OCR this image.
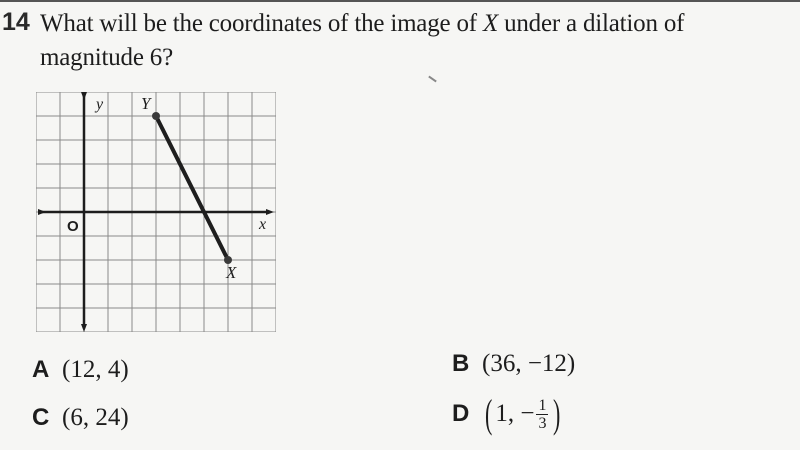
14 What will be the coordinates of the image of X under a dilation of
magnitude 6?
y
x
O
Y
X
A (12, 4)
C (6, 24)
B (36, −12)
D ( 1, − $\frac{1}{3}$ )
